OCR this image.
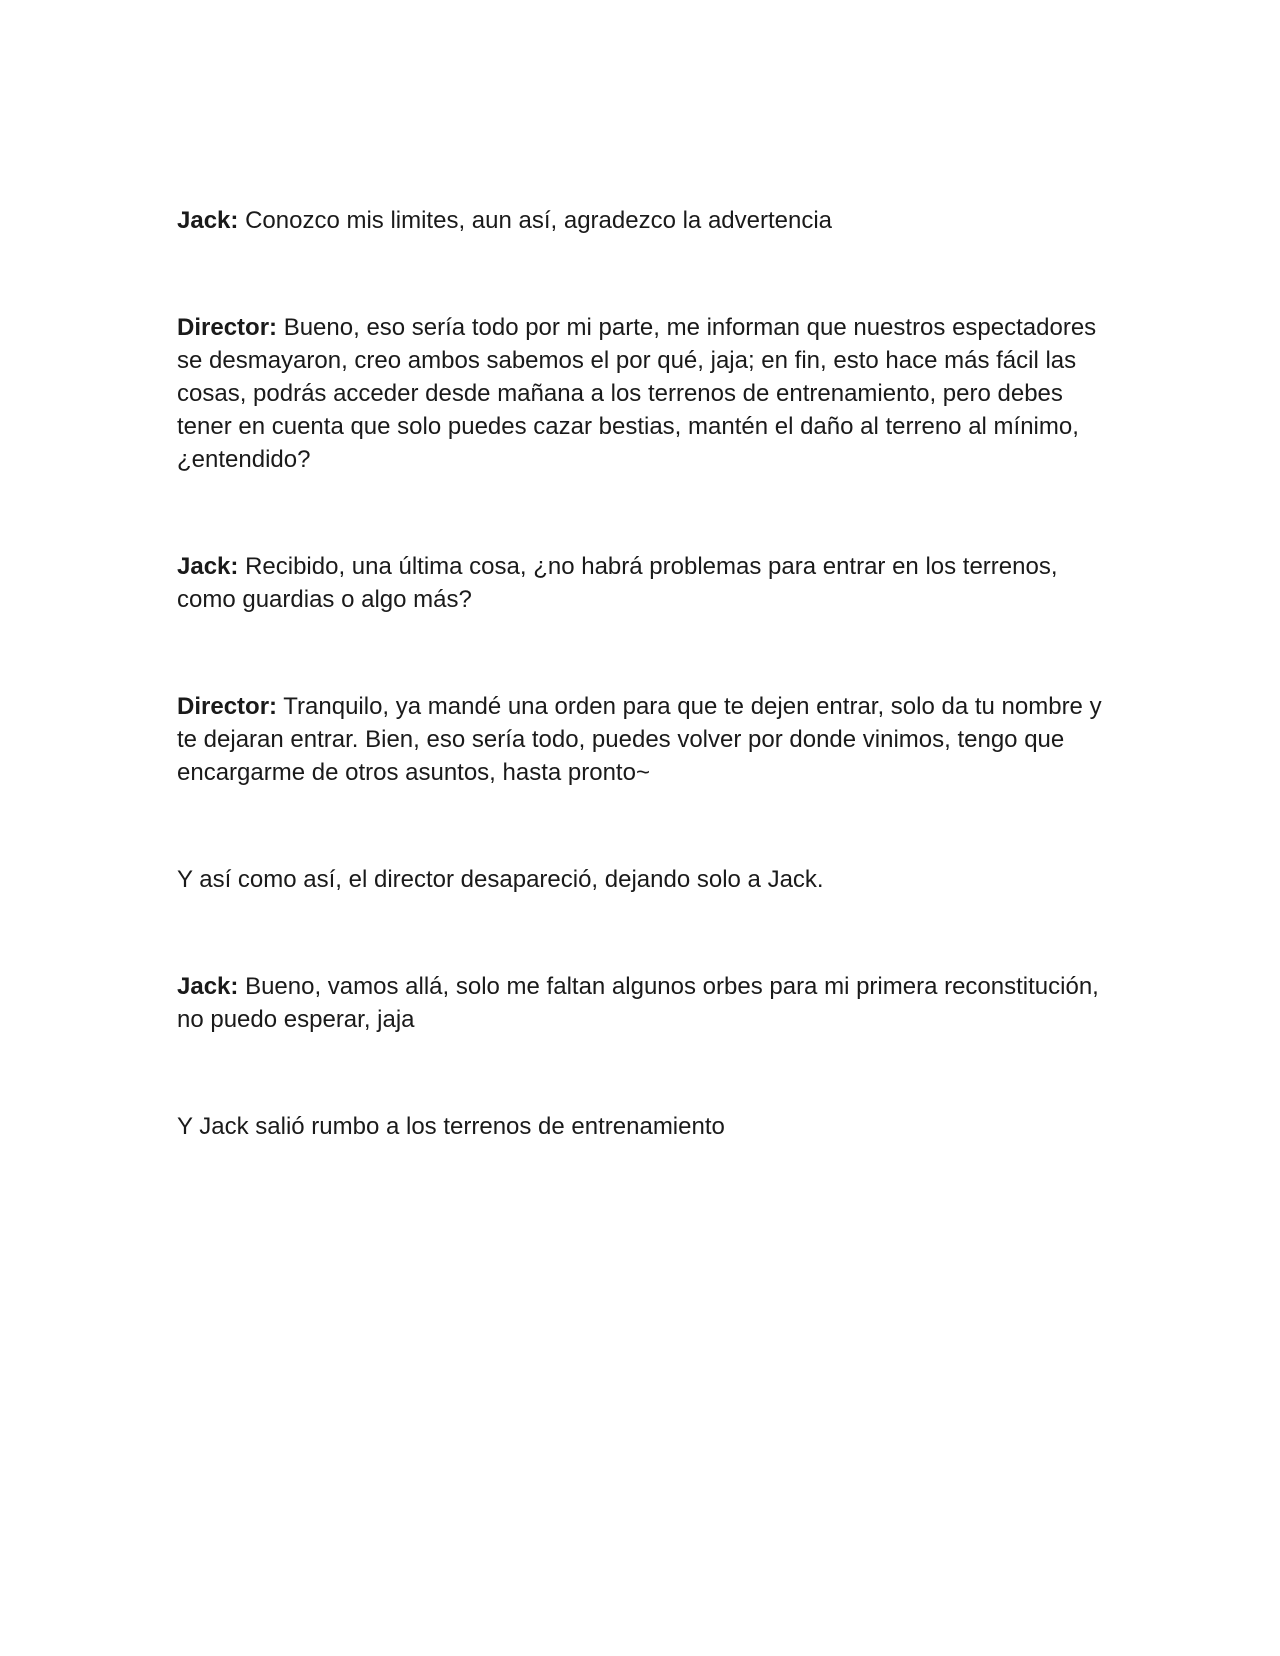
Jack: Conozco mis limites, aun así, agradezco la advertencia

Director: Bueno, eso sería todo por mi parte, me informan que nuestros espectadores se desmayaron, creo ambos sabemos el por qué, jaja; en fin, esto hace más fácil las cosas, podrás acceder desde mañana a los terrenos de entrenamiento, pero debes tener en cuenta que solo puedes cazar bestias, mantén el daño al terreno al mínimo, ¿entendido?

Jack: Recibido, una última cosa, ¿no habrá problemas para entrar en los terrenos, como guardias o algo más?

Director: Tranquilo, ya mandé una orden para que te dejen entrar, solo da tu nombre y te dejaran entrar. Bien, eso sería todo, puedes volver por donde vinimos, tengo que encargarme de otros asuntos, hasta pronto~

Y así como así, el director desapareció, dejando solo a Jack.

Jack: Bueno, vamos allá, solo me faltan algunos orbes para mi primera reconstitución, no puedo esperar, jaja

Y Jack salió rumbo a los terrenos de entrenamiento
